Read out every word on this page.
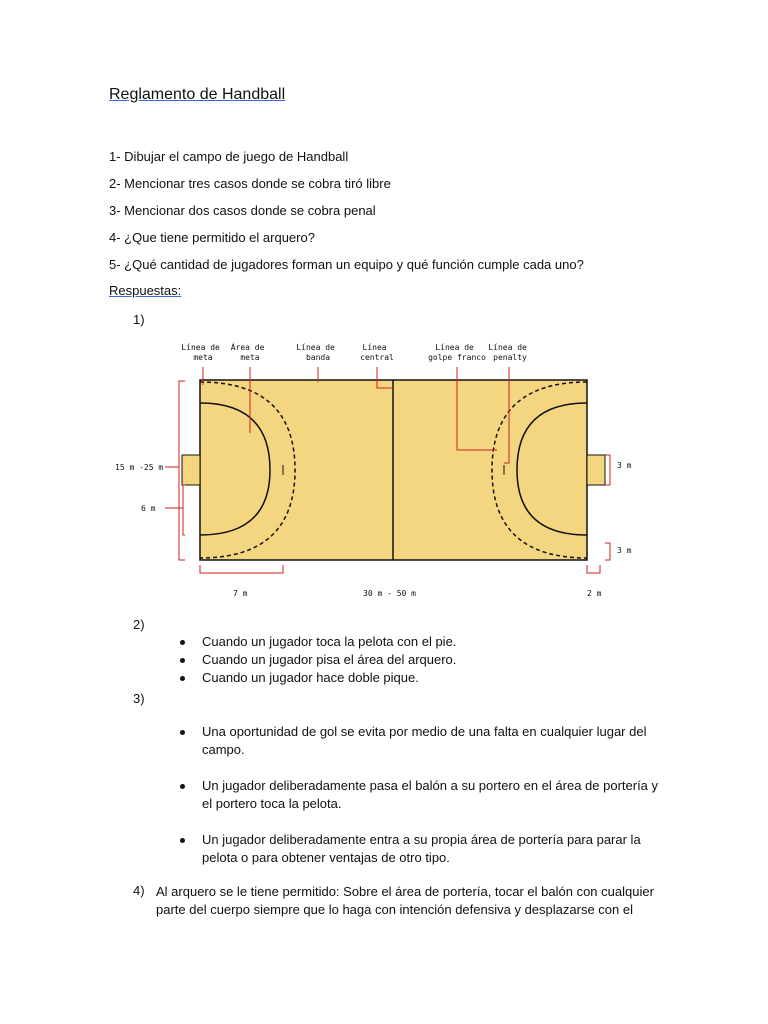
Reglamento de Handball
1- Dibujar el campo de juego de Handball
2- Mencionar tres casos donde se cobra tiró libre
3- Mencionar dos casos donde se cobra penal
4- ¿Que tiene permitido el arquero?
5- ¿Qué cantidad de jugadores forman un equipo y qué función cumple cada uno?
Respuestas:
1)
Línea de meta
Área de meta
Línea de banda
Línea central
Línea de golpe franco
Línea de penalty
15 m -25 m
6 m
3 m
3 m
7 m	30 m - 50 m	2 m
2)
Cuando un jugador toca la pelota con el pie.
Cuando un jugador pisa el área del arquero.
Cuando un jugador hace doble pique.
3)
Una oportunidad de gol se evita por medio de una falta en cualquier lugar del campo.
Un jugador deliberadamente pasa el balón a su portero en el área de portería y el portero toca la pelota.
Un jugador deliberadamente entra a su propia área de portería para parar la pelota o para obtener ventajas de otro tipo.
4) Al arquero se le tiene permitido: Sobre el área de portería, tocar el balón con cualquier parte del cuerpo siempre que lo haga con intención defensiva y desplazarse con el
